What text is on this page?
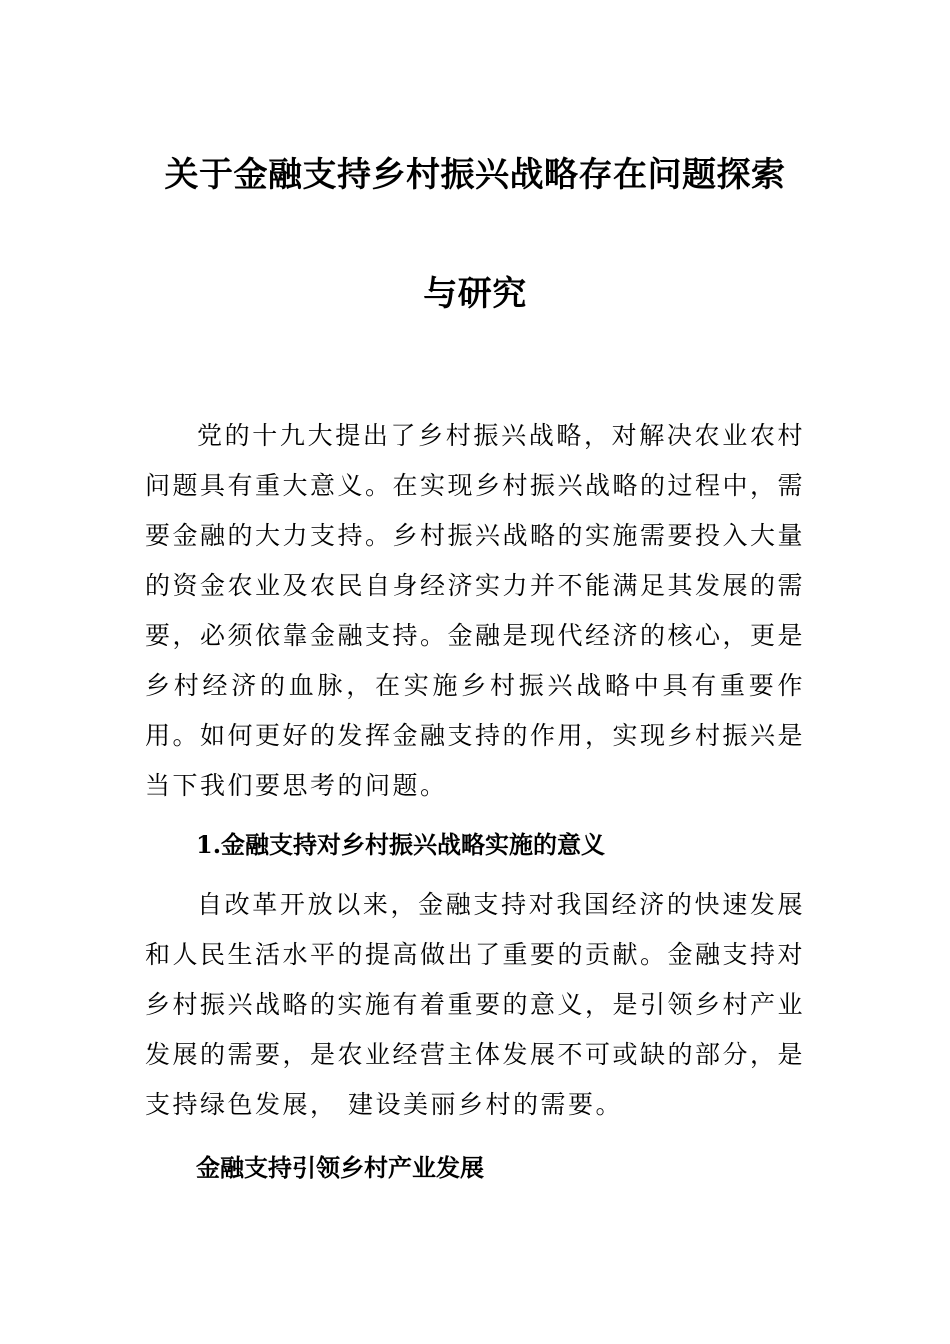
关于金融支持乡村振兴战略存在问题探索
与研究

党的十九大提出了乡村振兴战略，对解决农业农村问题具有重大意义。在实现乡村振兴战略的过程中，需要金融的大力支持。乡村振兴战略的实施需要投入大量的资金农业及农民自身经济实力并不能满足其发展的需要，必须依靠金融支持。金融是现代经济的核心，更是乡村经济的血脉，在实施乡村振兴战略中具有重要作用。如何更好的发挥金融支持的作用，实现乡村振兴是当下我们要思考的问题。

1.金融支持对乡村振兴战略实施的意义

自改革开放以来，金融支持对我国经济的快速发展和人民生活水平的提高做出了重要的贡献。金融支持对乡村振兴战略的实施有着重要的意义，是引领乡村产业发展的需要，是农业经营主体发展不可或缺的部分，是支持绿色发展， 建设美丽乡村的需要。

金融支持引领乡村产业发展
